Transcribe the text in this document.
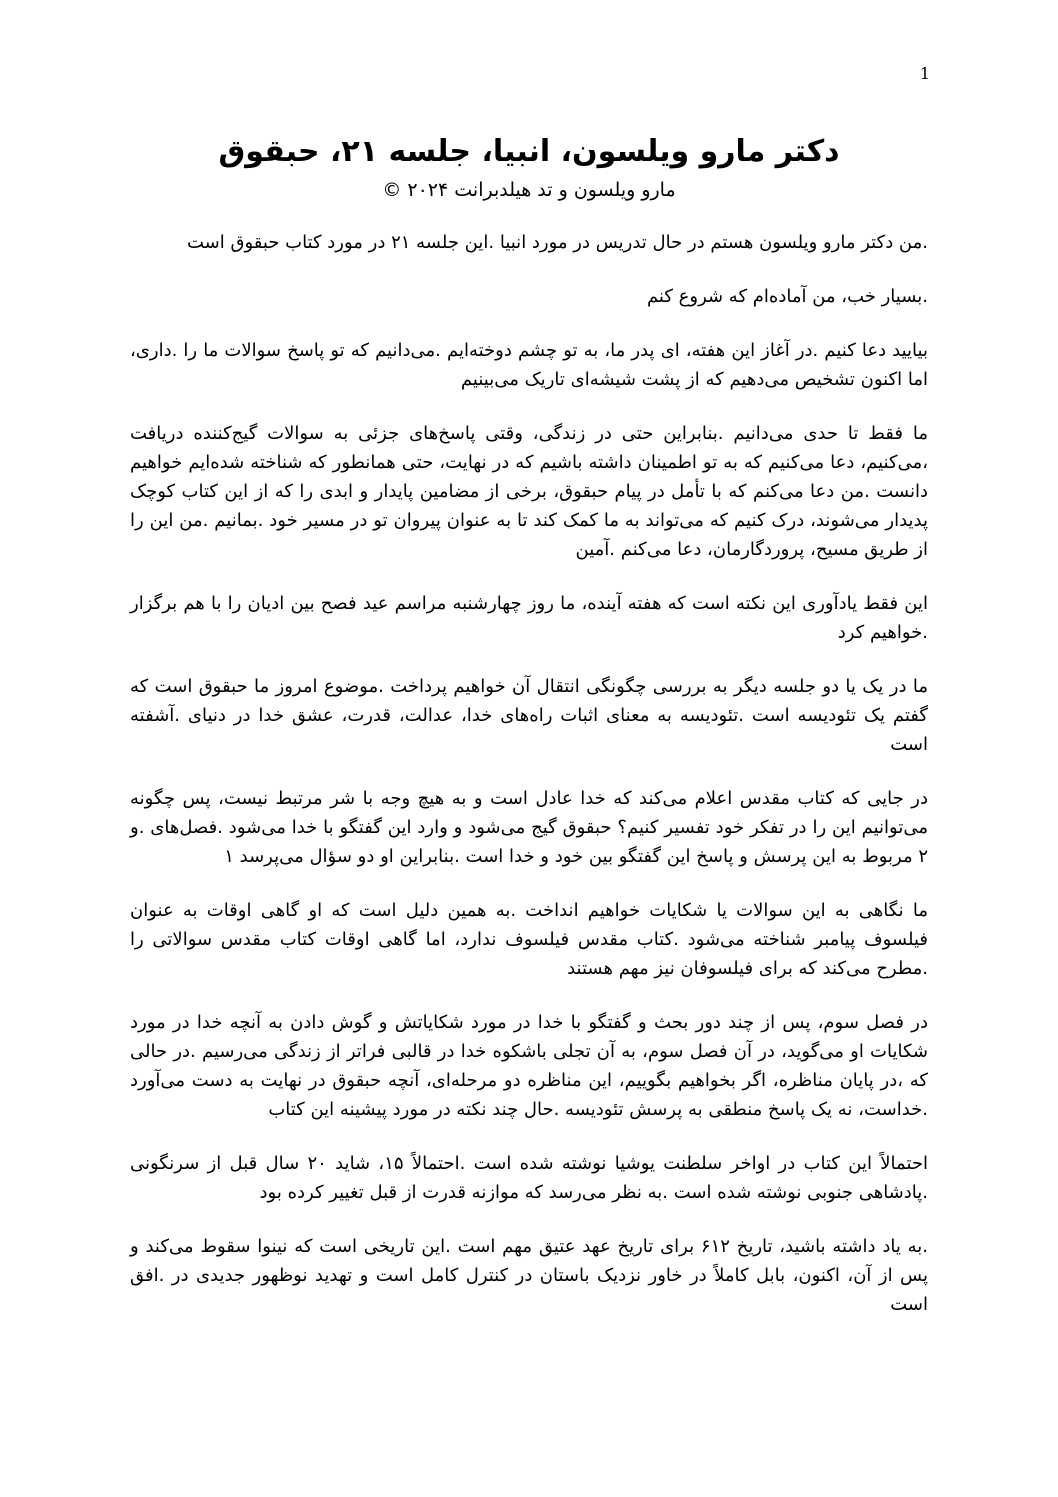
1
دکتر مارو ویلسون، انبیا، جلسه ۲۱، حبقوق
مارو ویلسون و تد هیلدبرانت ۲۰۲۴ ©

.من دکتر مارو ویلسون هستم در حال تدریس در مورد انبیا .این جلسه ۲۱ در مورد کتاب حبقوق است

.بسیار خب، من آماده‌ام که شروع کنم

بیایید دعا کنیم .در آغاز این هفته، ای پدر ما، به تو چشم دوخته‌ایم .می‌دانیم که تو پاسخ سوالات ما را .داری، اما اکنون تشخیص می‌دهیم که از پشت شیشه‌ای تاریک می‌بینیم

ما فقط تا حدی می‌دانیم .بنابراین حتی در زندگی، وقتی پاسخ‌های جزئی به سوالات گیج‌کننده دریافت ،می‌کنیم، دعا می‌کنیم که به تو اطمینان داشته باشیم که در نهایت، حتی همانطور که شناخته شده‌ایم خواهیم دانست .من دعا می‌کنم که با تأمل در پیام حبقوق، برخی از مضامین پایدار و ابدی را که از این کتاب کوچک پدیدار می‌شوند، درک کنیم که می‌تواند به ما کمک کند تا به عنوان پیروان تو در مسیر خود .بمانیم .من این را از طریق مسیح، پروردگارمان، دعا می‌کنم .آمین

این فقط یادآوری این نکته است که هفته آینده، ما روز چهارشنبه مراسم عید فصح بین ادیان را با هم برگزار .خواهیم کرد

ما در یک یا دو جلسه دیگر به بررسی چگونگی انتقال آن خواهیم پرداخت .موضوع امروز ما حبقوق است که گفتم یک تئودیسه است .تئودیسه به معنای اثبات راه‌های خدا، عدالت، قدرت، عشق خدا در دنیای .آشفته است

در جایی که کتاب مقدس اعلام می‌کند که خدا عادل است و به هیچ وجه با شر مرتبط نیست، پس چگونه می‌توانیم این را در تفکر خود تفسیر کنیم؟ حبقوق گیج می‌شود و وارد این گفتگو با خدا می‌شود .فصل‌های .و ۲ مربوط به این پرسش و پاسخ این گفتگو بین خود و خدا است .بنابراین او دو سؤال می‌پرسد ۱

ما نگاهی به این سوالات یا شکایات خواهیم انداخت .به همین دلیل است که او گاهی اوقات به عنوان فیلسوف پیامبر شناخته می‌شود .کتاب مقدس فیلسوف ندارد، اما گاهی اوقات کتاب مقدس سوالاتی را .مطرح می‌کند که برای فیلسوفان نیز مهم هستند

در فصل سوم، پس از چند دور بحث و گفتگو با خدا در مورد شکایاتش و گوش دادن به آنچه خدا در مورد شکایات او می‌گوید، در آن فصل سوم، به آن تجلی باشکوه خدا در قالبی فراتر از زندگی می‌رسیم .در حالی که ،در پایان مناظره، اگر بخواهیم بگوییم، این مناظره دو مرحله‌ای، آنچه حبقوق در نهایت به دست می‌آورد .خداست، نه یک پاسخ منطقی به پرسش تئودیسه .حال چند نکته در مورد پیشینه این کتاب

احتمالاً این کتاب در اواخر سلطنت یوشیا نوشته شده است .احتمالاً ۱۵، شاید ۲۰ سال قبل از سرنگونی .پادشاهی جنوبی نوشته شده است .به نظر می‌رسد که موازنه قدرت از قبل تغییر کرده بود

.به یاد داشته باشید، تاریخ ۶۱۲ برای تاریخ عهد عتیق مهم است .این تاریخی است که نینوا سقوط می‌کند و پس از آن، اکنون، بابل کاملاً در خاور نزدیک باستان در کنترل کامل است و تهدید نوظهور جدیدی در .افق است
